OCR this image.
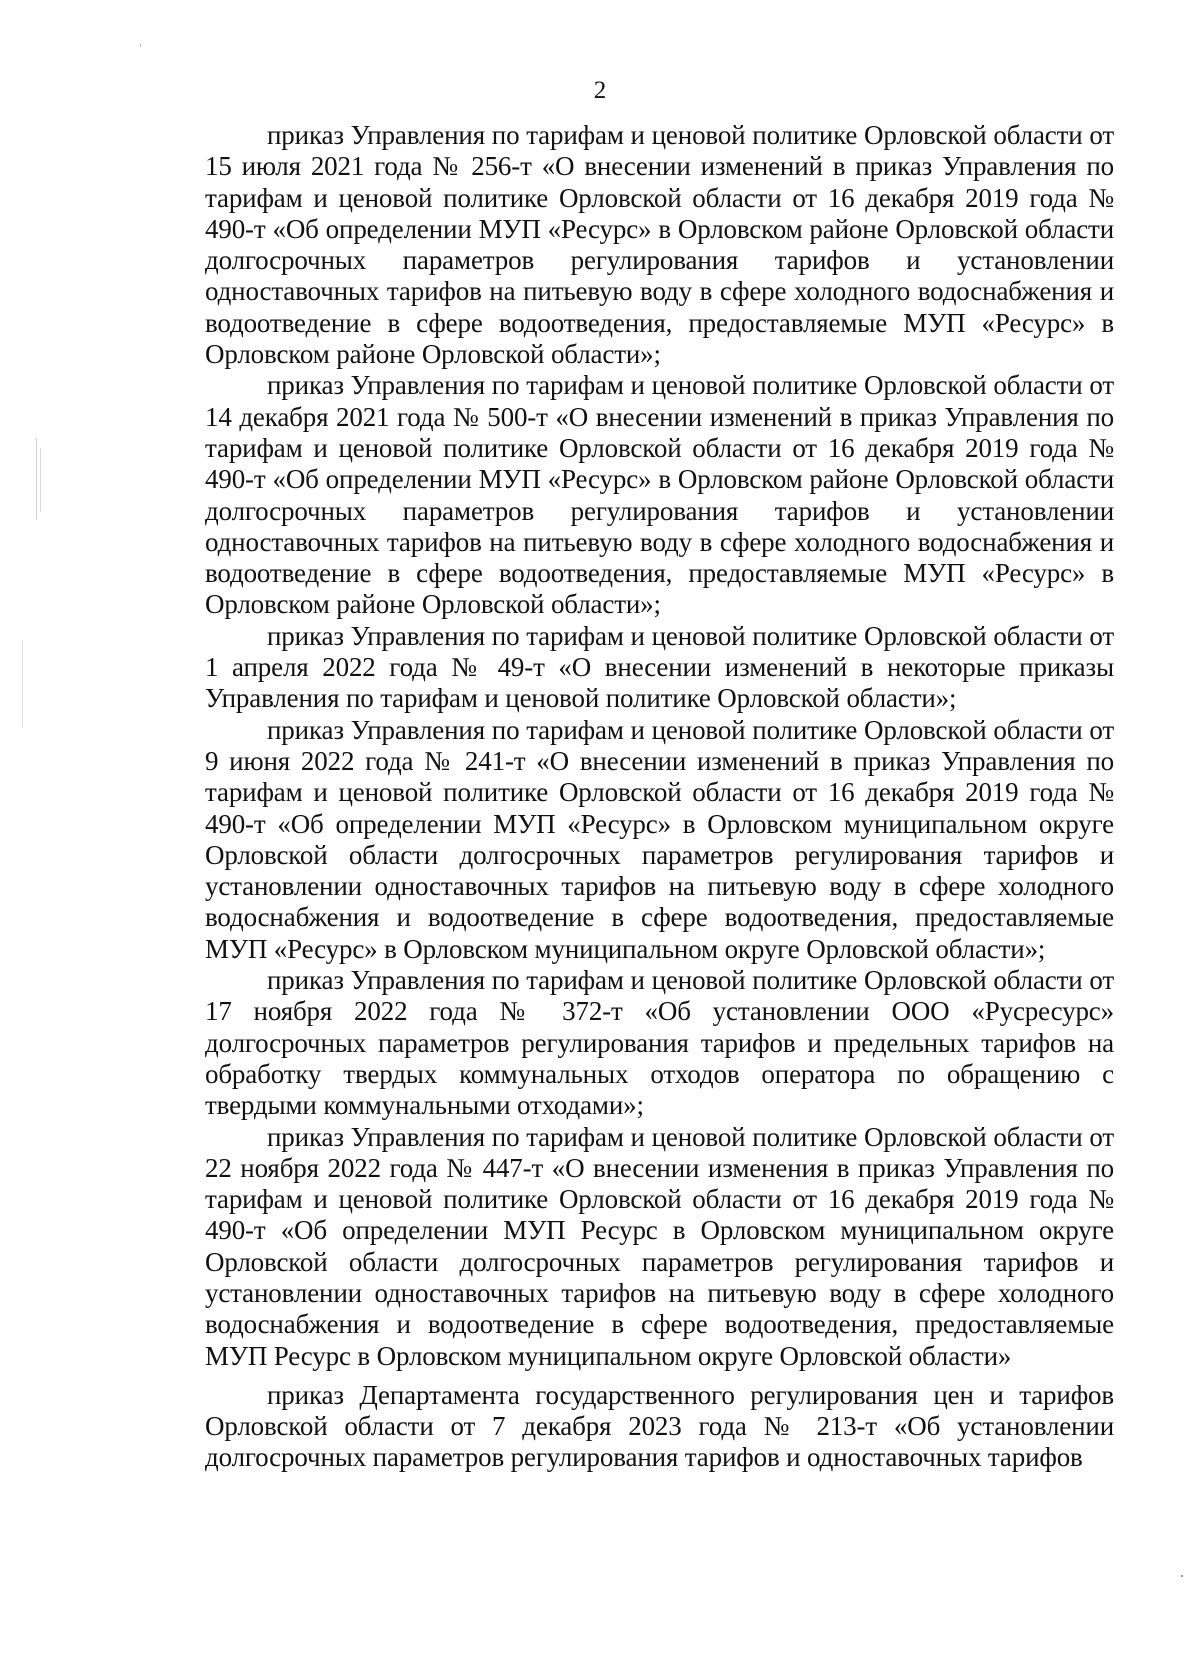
2

приказ Управления по тарифам и ценовой политике Орловской области от 15 июля 2021 года № 256-т «О внесении изменений в приказ Управления по тарифам и ценовой политике Орловской области от 16 декабря 2019 года № 490-т «Об определении МУП «Ресурс» в Орловском районе Орловской области долгосрочных параметров регулирования тарифов и установлении одноставочных тарифов на питьевую воду в сфере холодного водоснабжения и водоотведение в сфере водоотведения, предоставляемые МУП «Ресурс» в Орловском районе Орловской области»;

приказ Управления по тарифам и ценовой политике Орловской области от 14 декабря 2021 года № 500-т «О внесении изменений в приказ Управления по тарифам и ценовой политике Орловской области от 16 декабря 2019 года № 490-т «Об определении МУП «Ресурс» в Орловском районе Орловской области долгосрочных параметров регулирования тарифов и установлении одноставочных тарифов на питьевую воду в сфере холодного водоснабжения и водоотведение в сфере водоотведения, предоставляемые МУП «Ресурс» в Орловском районе Орловской области»;

приказ Управления по тарифам и ценовой политике Орловской области от 1 апреля 2022 года № 49-т «О внесении изменений в некоторые приказы Управления по тарифам и ценовой политике Орловской области»;

приказ Управления по тарифам и ценовой политике Орловской области от 9 июня 2022 года № 241-т «О внесении изменений в приказ Управления по тарифам и ценовой политике Орловской области от 16 декабря 2019 года № 490-т «Об определении МУП «Ресурс» в Орловском муниципальном округе Орловской области долгосрочных параметров регулирования тарифов и установлении одноставочных тарифов на питьевую воду в сфере холодного водоснабжения и водоотведение в сфере водоотведения, предоставляемые МУП «Ресурс» в Орловском муниципальном округе Орловской области»;

приказ Управления по тарифам и ценовой политике Орловской области от 17 ноября 2022 года № 372-т «Об установлении ООО «Русресурс» долгосрочных параметров регулирования тарифов и предельных тарифов на обработку твердых коммунальных отходов оператора по обращению с твердыми коммунальными отходами»;

приказ Управления по тарифам и ценовой политике Орловской области от 22 ноября 2022 года № 447-т «О внесении изменения в приказ Управления по тарифам и ценовой политике Орловской области от 16 декабря 2019 года № 490-т «Об определении МУП Ресурс в Орловском муниципальном округе Орловской области долгосрочных параметров регулирования тарифов и установлении одноставочных тарифов на питьевую воду в сфере холодного водоснабжения и водоотведение в сфере водоотведения, предоставляемые МУП Ресурс в Орловском муниципальном округе Орловской области»

приказ Департамента государственного регулирования цен и тарифов Орловской области от 7 декабря 2023 года № 213-т «Об установлении долгосрочных параметров регулирования тарифов и одноставочных тарифов
